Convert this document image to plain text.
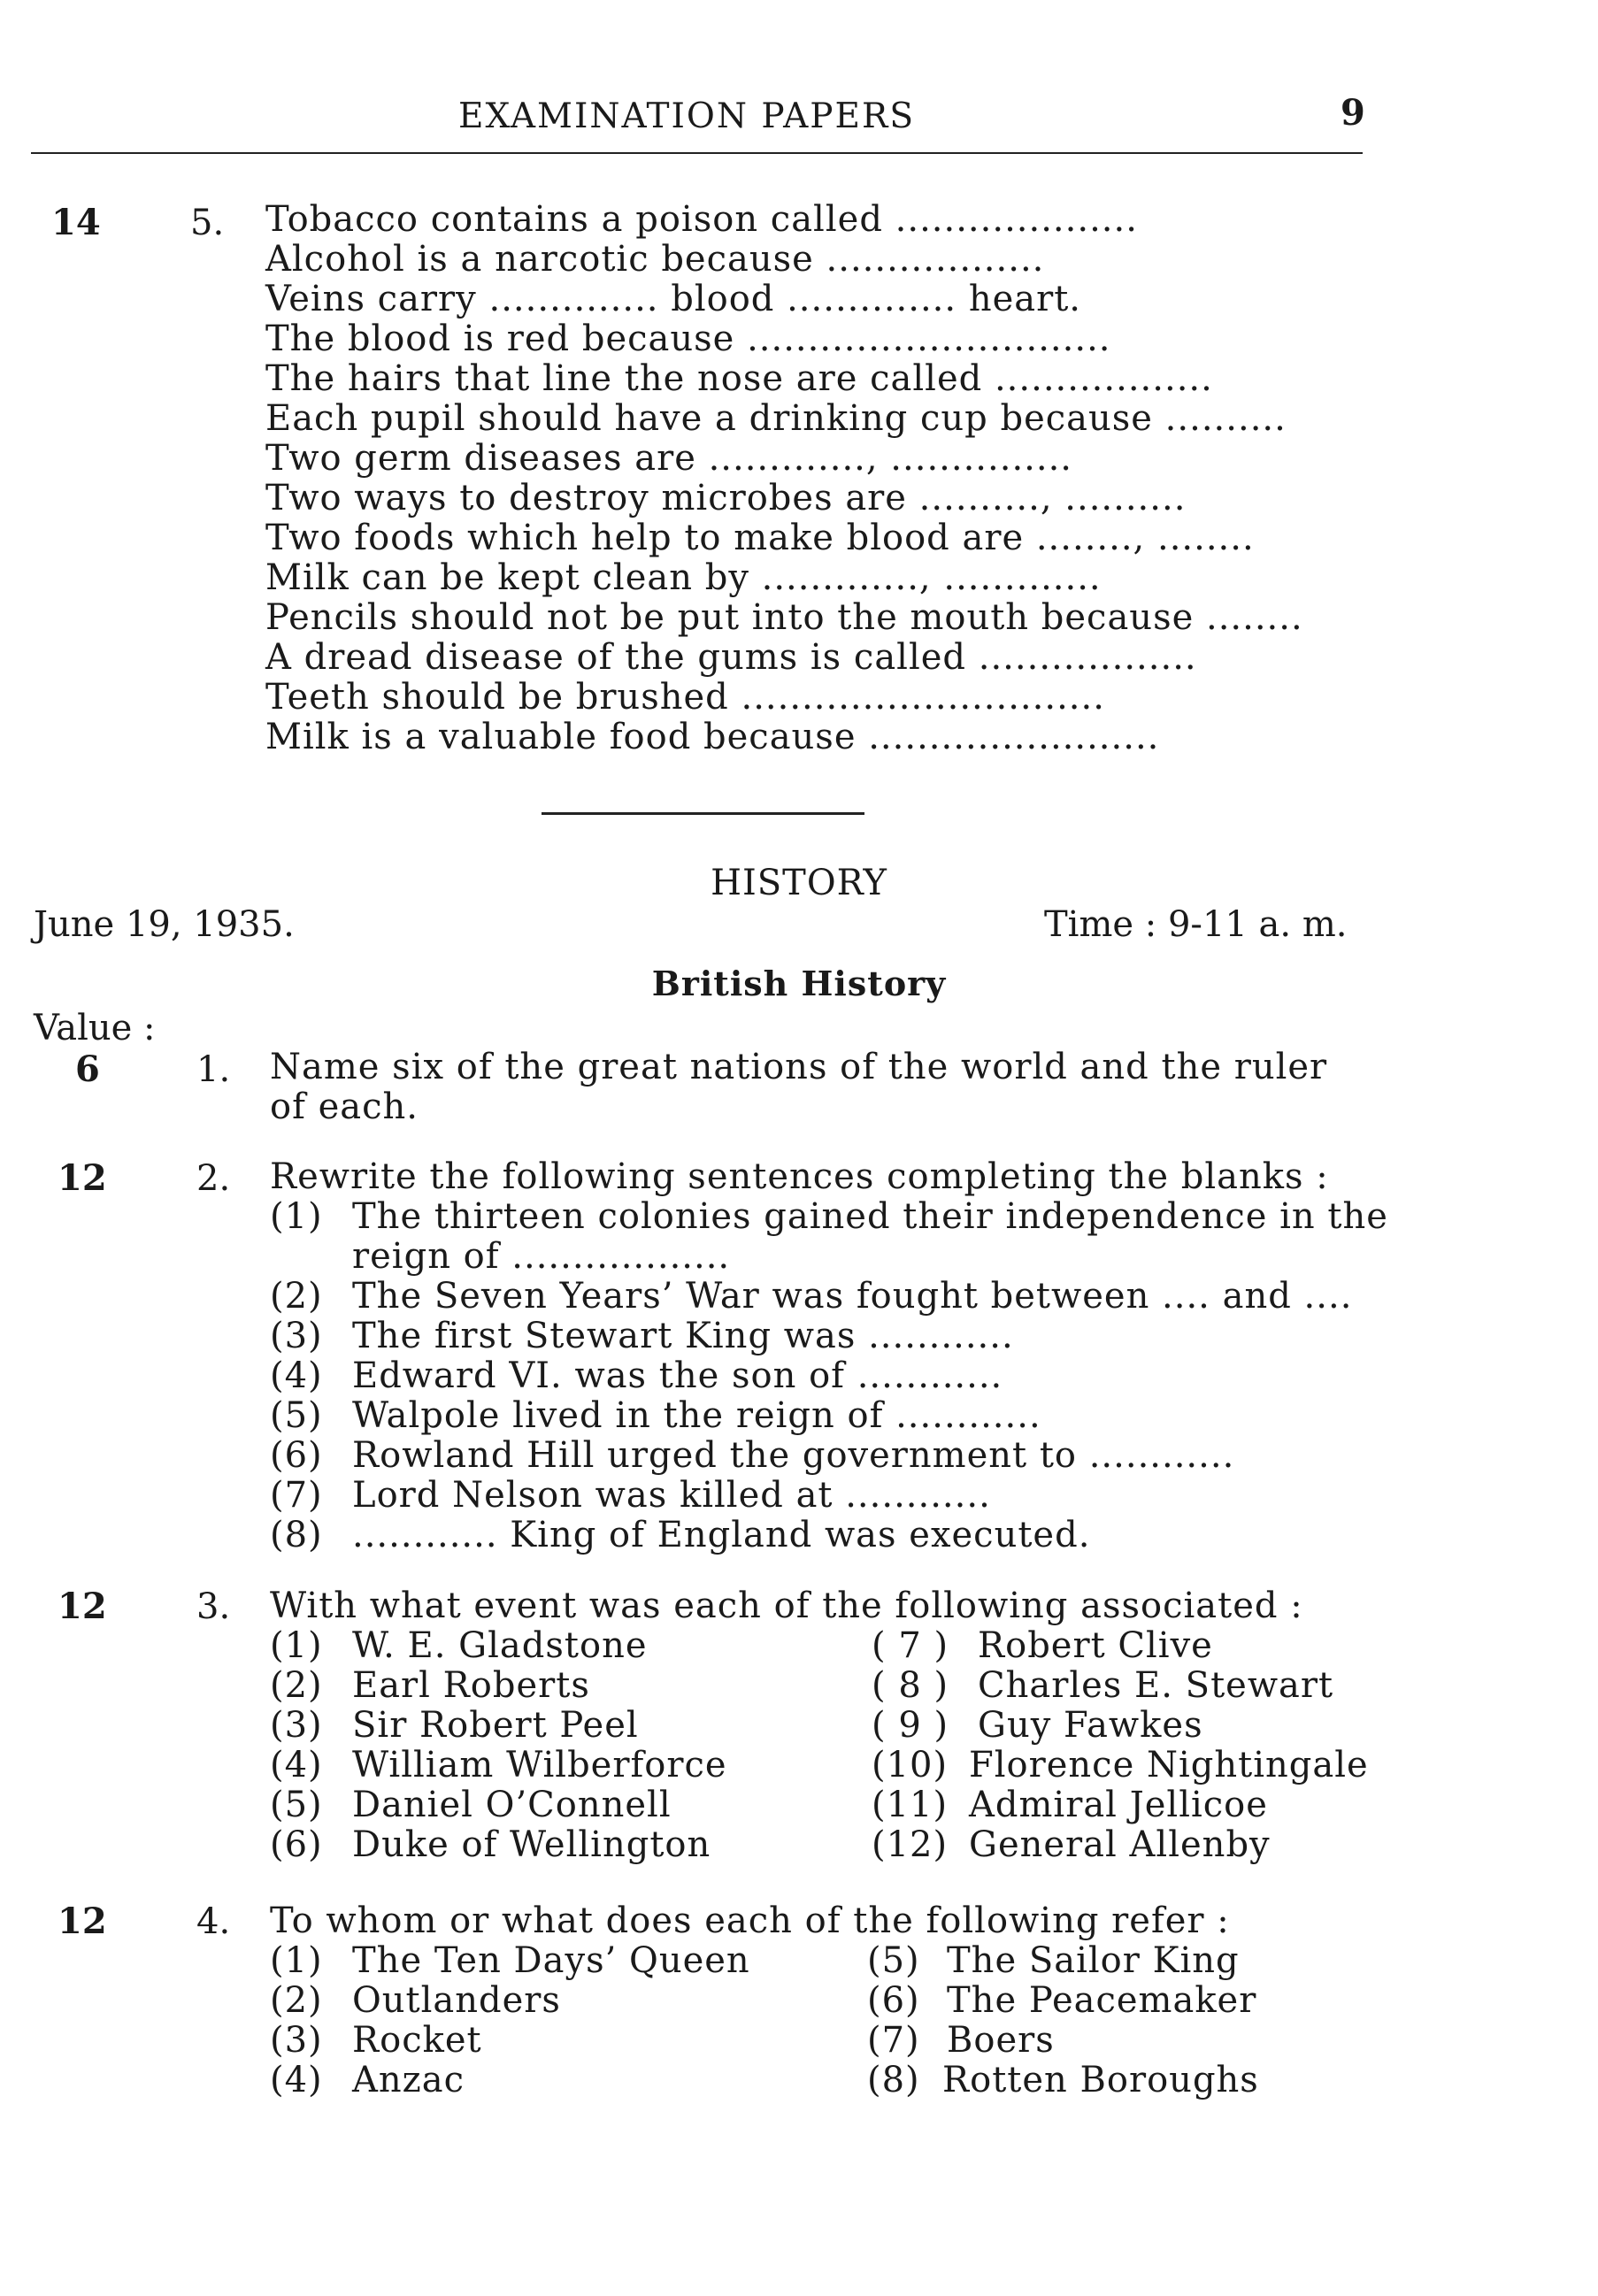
EXAMINATION PAPERS	9
14	5. Tobacco contains a poison called ....................
Alcohol is a narcotic because ..................
Veins carry .............. blood .............. heart.
The blood is red because ..............................
The hairs that line the nose are called ..................
Each pupil should have a drinking cup because ..........
Two germ diseases are ............., ...............
Two ways to destroy microbes are .........., ..........
Two foods which help to make blood are ........, ........
Milk can be kept clean by ............., .............
Pencils should not be put into the mouth because ........
A dread disease of the gums is called ..................
Teeth should be brushed ..............................
Milk is a valuable food because ........................
HISTORY
June 19, 1935.	Time : 9-11 a. m.
British History
Value :
6	1. Name six of the great nations of the world and the ruler
of each.
12	2. Rewrite the following sentences completing the blanks :
(1) The thirteen colonies gained their independence in the
reign of ..................
(2) The Seven Years’ War was fought between .... and ....
(3) The first Stewart King was ............
(4) Edward VI. was the son of ............
(5) Walpole lived in the reign of ............
(6) Rowland Hill urged the government to ............
(7) Lord Nelson was killed at ............
(8) ............ King of England was executed.
12	3. With what event was each of the following associated :
(1) W. E. Gladstone
(2) Earl Roberts
(3) Sir Robert Peel
(4) William Wilberforce
(5) Daniel O’Connell
(6) Duke of Wellington
( 7 ) Robert Clive
( 8 ) Charles E. Stewart
( 9 ) Guy Fawkes
(10) Florence Nightingale
(11) Admiral Jellicoe
(12) General Allenby
12	4. To whom or what does each of the following refer :
(1) The Ten Days’ Queen
(2) Outlanders
(3) Rocket
(4) Anzac
(5) The Sailor King
(6) The Peacemaker
(7) Boers
(8) Rotten Boroughs
